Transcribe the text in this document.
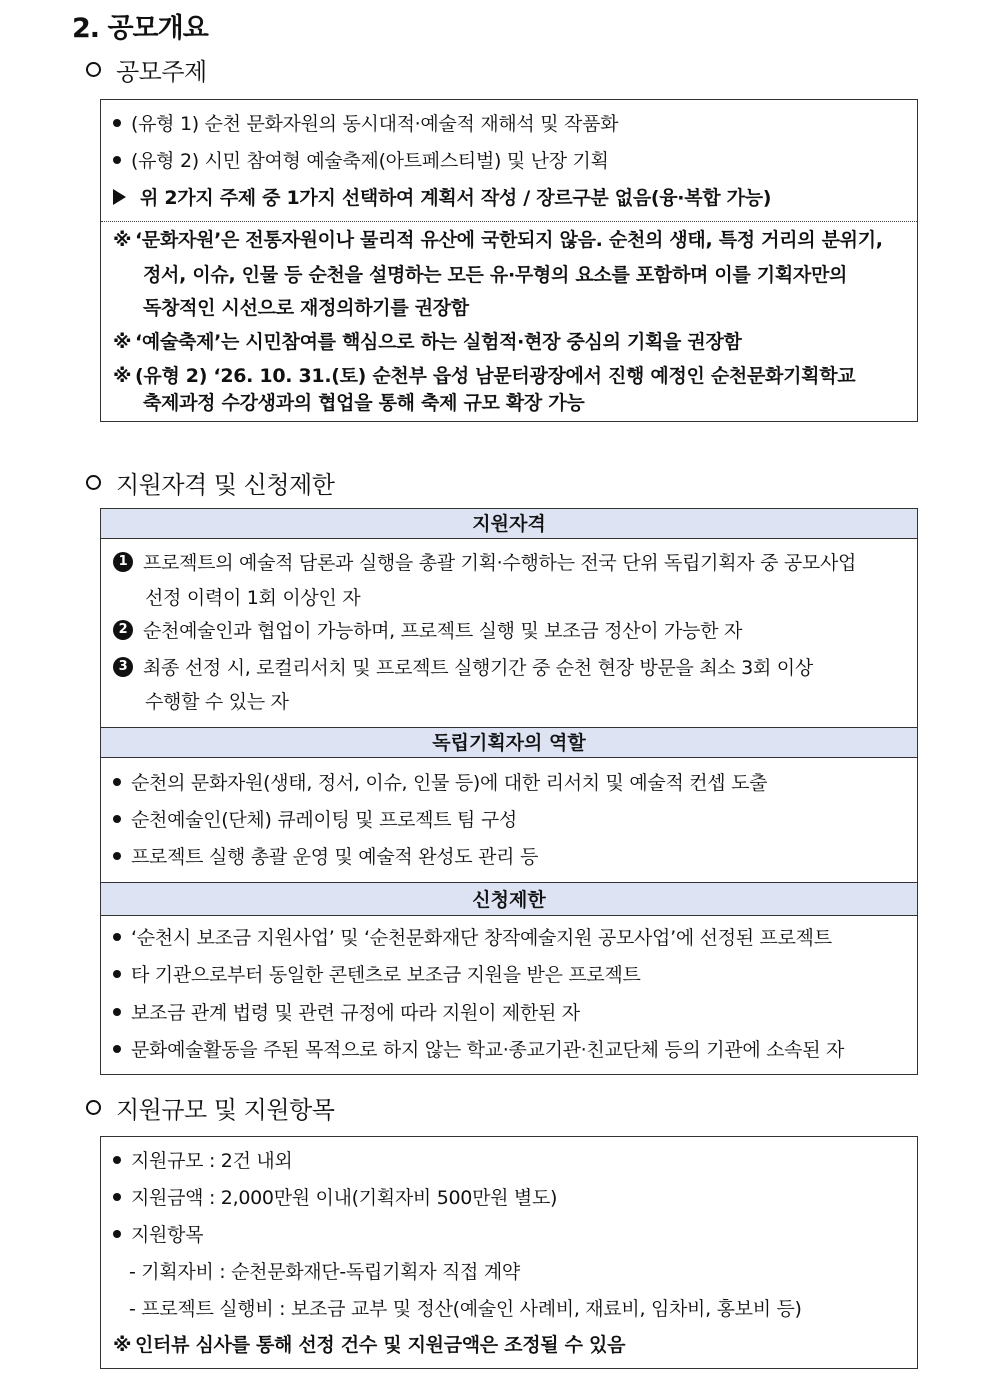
2. 공모개요
공모주제
(유형 1) 순천 문화자원의 동시대적·예술적 재해석 및 작품화
(유형 2) 시민 참여형 예술축제(아트페스티벌) 및 난장 기획
위 2가지 주제 중 1가지 선택하여 계획서 작성 / 장르구분 없음(융·복합 가능)
※ ‘문화자원’은 전통자원이나 물리적 유산에 국한되지 않음. 순천의 생태, 특정 거리의 분위기,
정서, 이슈, 인물 등 순천을 설명하는 모든 유·무형의 요소를 포함하며 이를 기획자만의
독창적인 시선으로 재정의하기를 권장함
※ ‘예술축제’는 시민참여를 핵심으로 하는 실험적·현장 중심의 기획을 권장함
※ (유형 2) ‘26. 10. 31.(토) 순천부 읍성 남문터광장에서 진행 예정인 순천문화기획학교
축제과정 수강생과의 협업을 통해 축제 규모 확장 가능
지원자격 및 신청제한
지원자격
1 프로젝트의 예술적 담론과 실행을 총괄 기획·수행하는 전국 단위 독립기획자 중 공모사업
선정 이력이 1회 이상인 자
2 순천예술인과 협업이 가능하며, 프로젝트 실행 및 보조금 정산이 가능한 자
3 최종 선정 시, 로컬리서치 및 프로젝트 실행기간 중 순천 현장 방문을 최소 3회 이상
수행할 수 있는 자
독립기획자의 역할
순천의 문화자원(생태, 정서, 이슈, 인물 등)에 대한 리서치 및 예술적 컨셉 도출
순천예술인(단체) 큐레이팅 및 프로젝트 팀 구성
프로젝트 실행 총괄 운영 및 예술적 완성도 관리 등
신청제한
‘순천시 보조금 지원사업’ 및 ‘순천문화재단 창작예술지원 공모사업’에 선정된 프로젝트
타 기관으로부터 동일한 콘텐츠로 보조금 지원을 받은 프로젝트
보조금 관계 법령 및 관련 규정에 따라 지원이 제한된 자
문화예술활동을 주된 목적으로 하지 않는 학교·종교기관·친교단체 등의 기관에 소속된 자
지원규모 및 지원항목
지원규모 : 2건 내외
지원금액 : 2,000만원 이내(기획자비 500만원 별도)
지원항목
- 기획자비 : 순천문화재단-독립기획자 직접 계약
- 프로젝트 실행비 : 보조금 교부 및 정산(예술인 사례비, 재료비, 임차비, 홍보비 등)
※ 인터뷰 심사를 통해 선정 건수 및 지원금액은 조정될 수 있음
